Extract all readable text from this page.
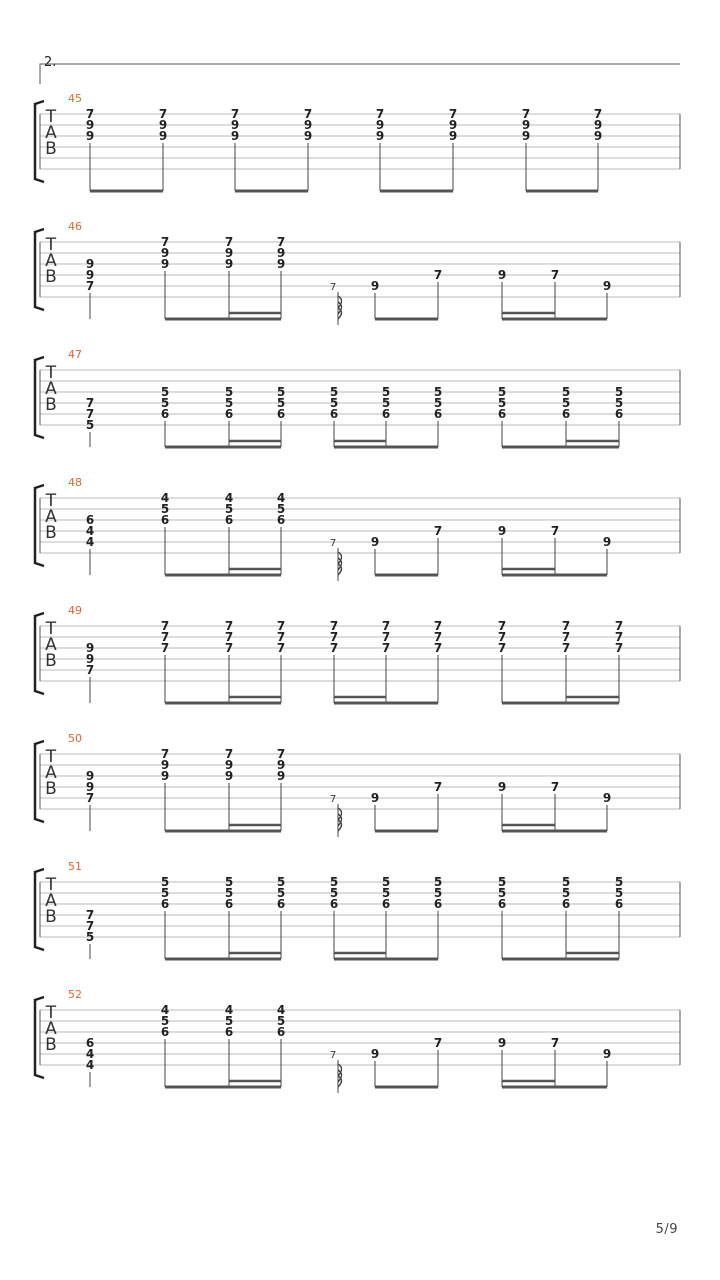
2.
T
A
B
45
7
9
9
7
9
9
7
9
9
7
9
9
7
9
9
7
9
9
7
9
9
7
9
9
T
A
B
46
9
9
7
7
9
9
7
9
9
7
9
9
7	9
7	9	7
9
T
A
B
47
7
7
5
5
5
6
5
5
6
5
5
6
5
5
6
5
5
6
5
5
6
5
5
6
5
5
6
5
5
6
T
A
B
48
6
4
4
4
5
6
4
5
6
4
5
6
7	9
7	9	7
9
T
A
B
49
9
9
7
7
7
7
7
7
7
7
7
7
7
7
7
7
7
7
7
7
7
7
7
7
7
7
7
7
7
7
T
A
B
50
9
9
7
7
9
9
7
9
9
7
9
9
7	9
7	9	7
9
T
A
B
51
7
7
5
5
5
6
5
5
6
5
5
6
5
5
6
5
5
6
5
5
6
5
5
6
5
5
6
5
5
6
T
A
B
52
6
4
4
4
5
6
4
5
6
4
5
6
7	9
7	9	7
9
5/9
